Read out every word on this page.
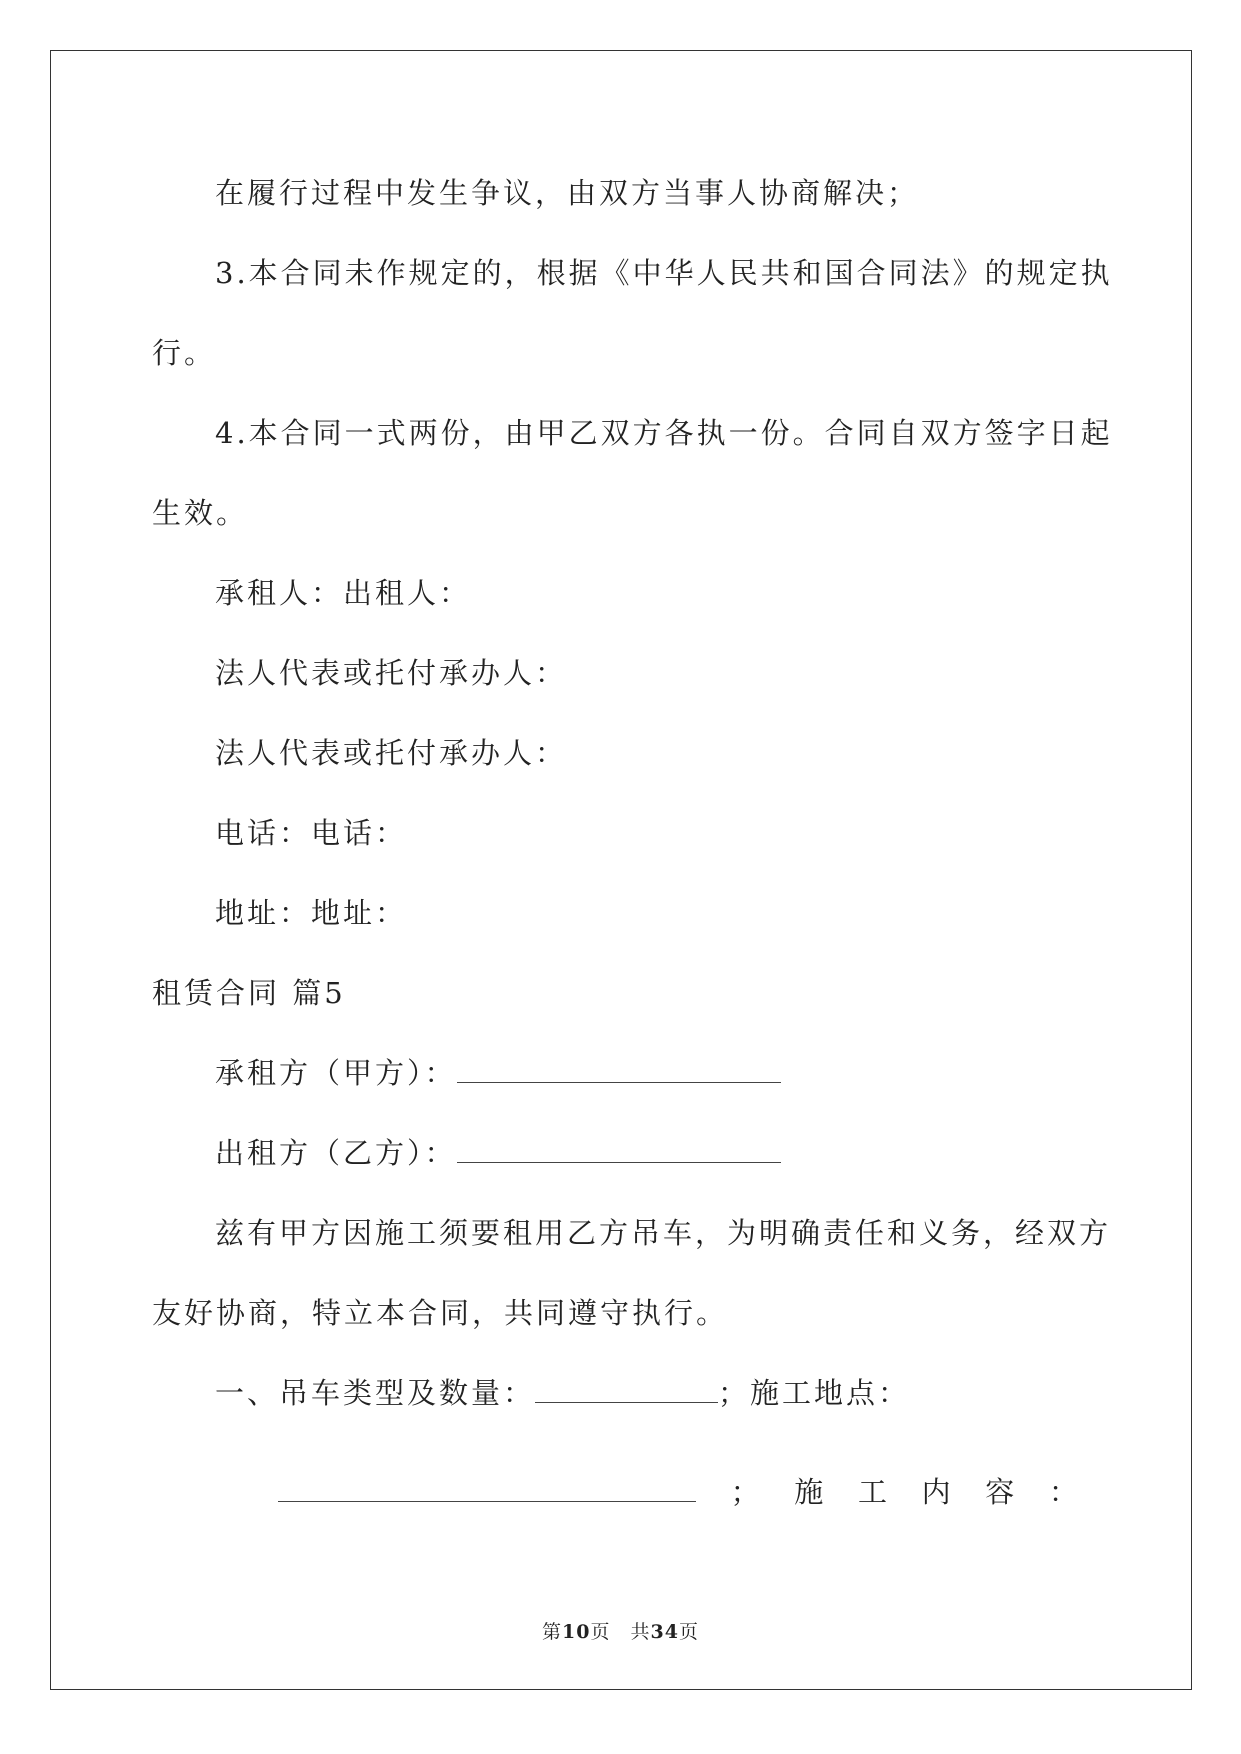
在履行过程中发生争议，由双方当事人协商解决；
3.本合同未作规定的，根据《中华人民共和国合同法》的规定执
行。
4.本合同一式两份，由甲乙双方各执一份。合同自双方签字日起
生效。
承租人：出租人：
法人代表或托付承办人：
法人代表或托付承办人：
电话：电话：
地址：地址：
租赁合同 篇5
承租方（甲方）：
出租方（乙方）：
兹有甲方因施工须要租用乙方吊车，为明确责任和义务，经双方
友好协商，特立本合同，共同遵守执行。
一、吊车类型及数量：	；施工地点：
； 施 工 内 容 ：
第10页　共34页
